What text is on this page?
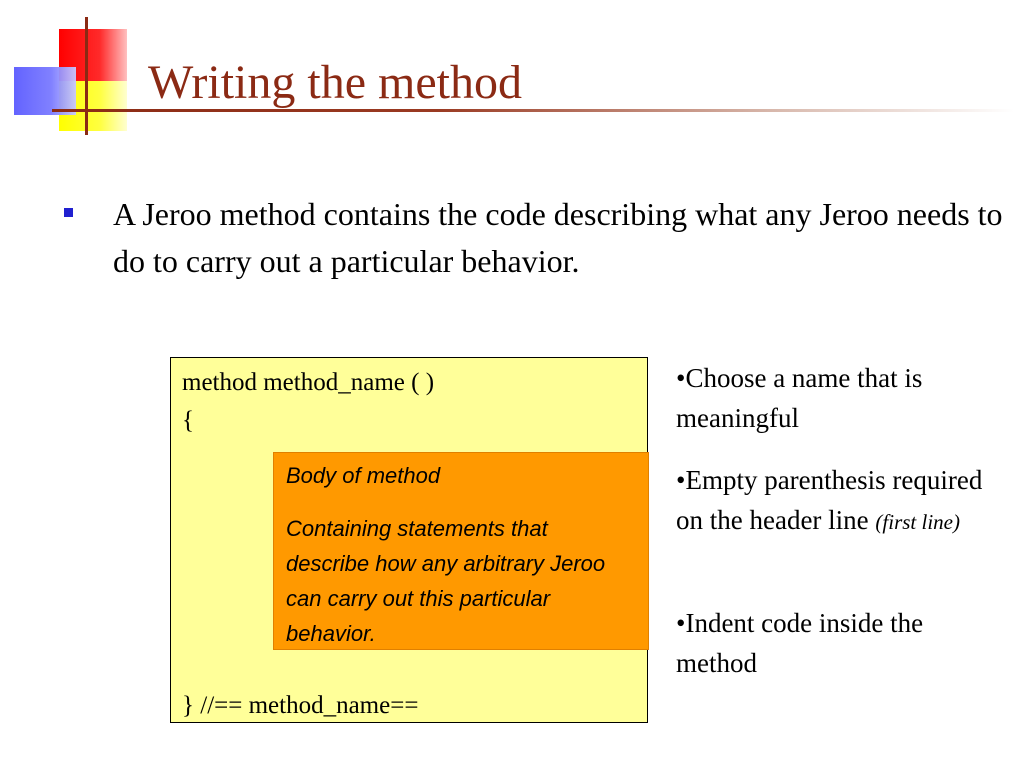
Writing the method
A Jeroo method contains the code describing what any Jeroo needs to do to carry out a particular behavior.
method method_name ( )
{
} //== method_name==
Body of method
Containing statements that describe how any arbitrary Jeroo can carry out this particular behavior.
•Choose a name that is meaningful
•Empty parenthesis required on the header line (first line)
•Indent code inside the method
